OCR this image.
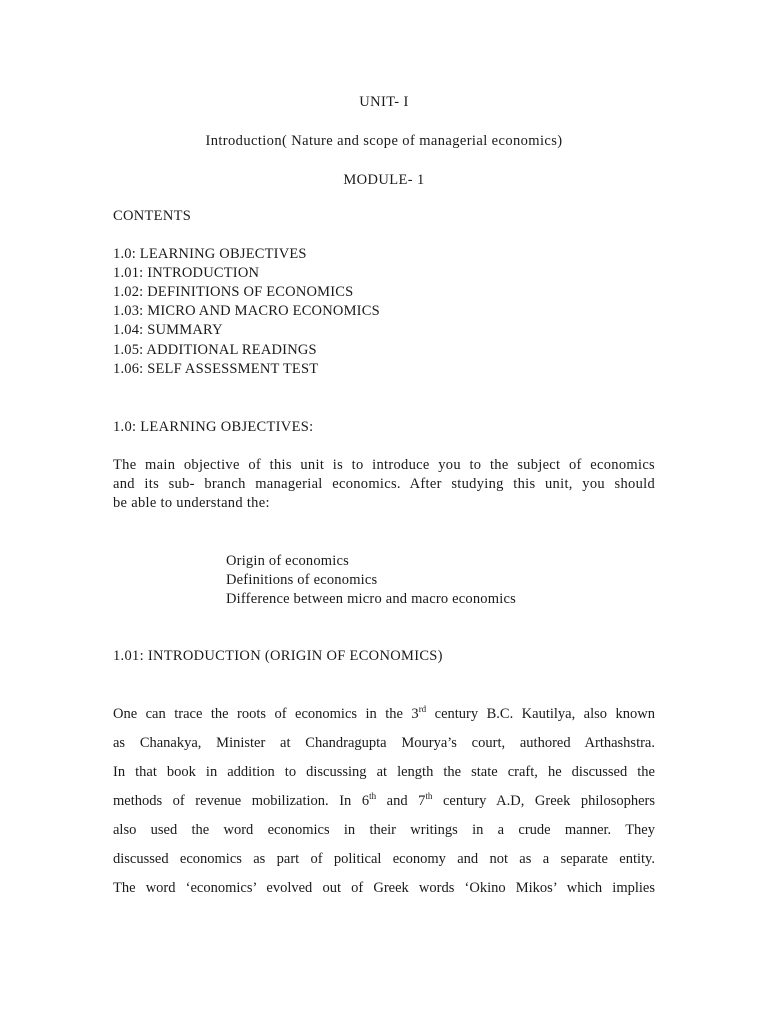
UNIT- I
Introduction( Nature and scope of managerial economics)
MODULE- 1
CONTENTS
1.0: LEARNING OBJECTIVES
1.01: INTRODUCTION
1.02: DEFINITIONS OF ECONOMICS
1.03: MICRO AND MACRO ECONOMICS
1.04: SUMMARY
1.05: ADDITIONAL READINGS
1.06: SELF ASSESSMENT TEST
1.0: LEARNING OBJECTIVES:
The main objective of this unit is to introduce you to the subject of economics
and its sub- branch managerial economics. After studying this unit, you should
be able to understand the:
Origin of economics
Definitions of economics
Difference between micro and macro economics
1.01: INTRODUCTION (ORIGIN OF ECONOMICS)
One can trace the roots of economics in the 3rd century B.C. Kautilya, also known
as Chanakya, Minister at Chandragupta Mourya’s court, authored Arthashstra.
In that book in addition to discussing at length the state craft, he discussed the
methods of revenue mobilization. In 6th and 7th century A.D, Greek philosophers
also used the word economics in their writings in a crude manner. They
discussed economics as part of political economy and not as a separate entity.
The word ‘economics’ evolved out of Greek words ‘Okino Mikos’ which implies
